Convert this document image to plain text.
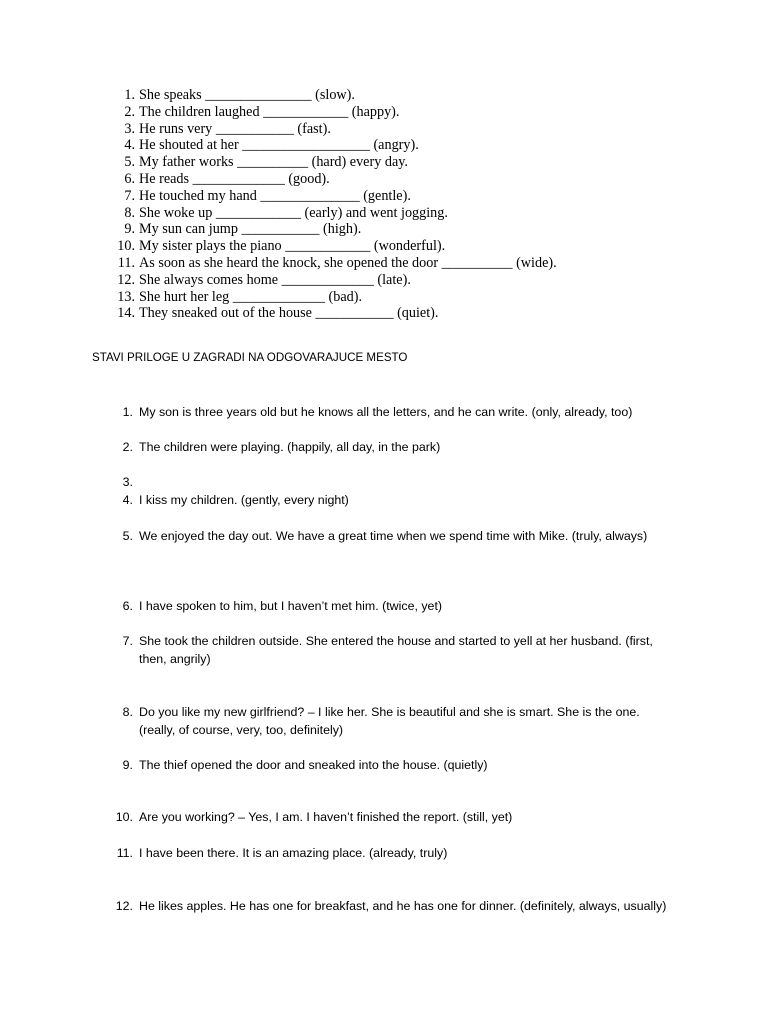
1. She speaks _______________ (slow).
2. The children laughed ____________ (happy).
3. He runs very ___________ (fast).
4. He shouted at her __________________ (angry).
5. My father works __________ (hard) every day.
6. He reads _____________ (good).
7. He touched my hand ______________ (gentle).
8. She woke up ____________ (early) and went jogging.
9. My sun can jump ___________ (high).
10. My sister plays the piano ____________ (wonderful).
11. As soon as she heard the knock, she opened the door __________ (wide).
12. She always comes home _____________ (late).
13. She hurt her leg _____________ (bad).
14. They sneaked out of the house ___________ (quiet).
STAVI PRILOGE U ZAGRADI NA ODGOVARAJUCE MESTO
1. My son is three years old but he knows all the letters, and he can write. (only, already, too)
2. The children were playing. (happily, all day, in the park)
3.
4. I kiss my children. (gently, every night)
5. We enjoyed the day out. We have a great time when we spend time with Mike. (truly, always)
6. I have spoken to him, but I haven’t met him. (twice, yet)
7. She took the children outside. She entered the house and started to yell at her husband. (first, then, angrily)
8. Do you like my new girlfriend? – I like her. She is beautiful and she is smart. She is the one. (really, of course, very, too, definitely)
9. The thief opened the door and sneaked into the house. (quietly)
10. Are you working? – Yes, I am. I haven’t finished the report. (still, yet)
11. I have been there. It is an amazing place. (already, truly)
12. He likes apples. He has one for breakfast, and he has one for dinner. (definitely, always, usually)
